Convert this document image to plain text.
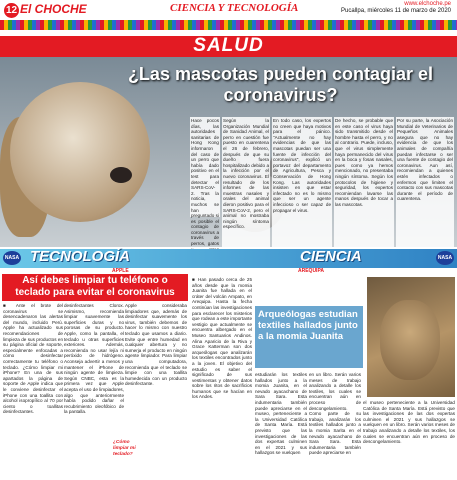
12 El CHOCHE	CIENCIA Y TECNOLOGÍA	www.elchoche.pe
Pucallpa, miércoles 11 de marzo de 2020
SALUD
¿Las mascotas pueden contagiar el coronavirus?
Hace pocos días, las autoridades sanitarias de Hong Kong informaron del caso de un perro que había dado positivo en el test para detectar el SARS-CoV-2. Tras la noticia, muchos se han preguntado si es posible el contagio de coronavirus a través de perros, gatos
Según la Organización Mundial de Sanidad Animal, el perro en cuestión fue puesto en cuarentena el 26 de febrero, después de que su dueño fuera hospitalizado debido a la infección por el nuevo coronavirus. El resultado de los informes de las muestras nasales y orales del animal dieron positivo para el SARS-CoV-2, pero el animal no mostraba ningún síntoma específico.
En todo caso, los expertos no creen que haya motivos para el pánico. "Actualmente no hay evidencias de que las mascotas puedan ser una fuente de infección del coronavirus", explicó un portavoz del departamento de Agricultura, Pesca y Conservación de Hong Kong. Las autoridades insisten en que estar infectado no es lo mismo que ser un agente infeccioso o ser capaz de propagar el virus.
De hecho, se probable que en este caso el virus haya sido transmitido desde el hombre hasta el perro, y no al contrario. Puede, incluso, que el virus simplemente haya permanecido del virus en la boca y fosas nasales, pues como ya hemos mencionado, no presentaba ningún síntoma. Según los protocolos de higiene y seguridad, los expertos recomiendan lavarse las manos después de tocar a las mascotas.
Por su parte, la Asociación Mundial de Veterinarios de Pequeños Animales asegura que no hay evidencia de que los animales de compañía puedan infectarse o ser una fuente de contagio del coronavirus. Aun así, recomiendan a quienes estén infectados o enfermos que limiten el contacto con sus mascotas durante el período de cuarentena.
NASA TECNOLOGÍA	CIENCIA	NASA
APPLE
Así debes limpiar tu teléfono o teclado para evitar el coronavirus
■ Ante el brote del coronavirus se desencadenaron las alertas del mundo, incluido Perú. Apple ha actualizado sus recomendaciones de limpieza de sus productos en su página oficial de soporte, especialmente enfocadas a cómo desinfectar correctamente tu teléfono o teclado. ¿Cómo limpiar mi iPhone? En una de sus apartados la página de soporte de Apple indica que le conviene desinfectar el iPhone con una toallita con alcohol isopropílico al 70 por ciento o toallitas desinfectantes.
desinfectantes Clorox. Asimismo, recomienda limpiar suavemente las superficies duras y no porosas de su producto. Apple, como la pantalla, el teclado u otras superficies exteriores. Además, recomienda no usar lejía ni peróxido de hidrógeno. Aconseja advertir a menos y mantener el iPhone de ningún agente de limpieza. Según CNBC, esta es la primera vez que Apple acepta el uso de limpiadores, algo que anteriormente había podido dañar el recubrimiento oleofóbico de la pantalla.
Apple consideraba limpiadores que, además de desinfectar suavemente los virus, también debemos de hacer lo mismo con nuestro teclado que usamos a diario. Evite que entre humedad en cualquier abertura y no sumerja el producto en ningún agente limpiador. Para limpiar una computadora, recomienda que el teclado se limpie con una toallita humedecida con un producto desinfectante.
¿Cómo limpiar mi teclado?
AREQUIPA
■ Han pasado cerca de 25 años desde que la momia Juanita fue hallada en el cráter del volcán Ampato, en Arequipa. Hasta la fecha continúan las investigaciones para esclarecer los misterios que rodean a este importante vestigio que actualmente se encuentra albergado en el Museo Santuarios Andinos. Alina Aparicio de la Riva y Grace Katterman son dos arqueólogas que analizarán los textiles encontrados junto a la joven. El objetivo del estudio es saber el significado de sus vestimentas y obtener datos sobre los ritos de sacrificios humanos que se hacían en los Andes.
Arqueólogas estudian textiles hallados junto a la momia Juanita
estudiarán los textiles hallados junto a la momia Juanita, en el nevado ayacachano de Sara Sara. Esta indumentaria también puede apreciarse en el museo, perteneciente a la Universidad Católica de Santa María. Está previsto que las investigaciones de las dos expertas culminen en el 2021 y sus hallazgos se vuelquen
en un libro. Serán varios meses de trabajo analizando a detalle los textiles, los cuales se encuentran aún en proceso de descongelamiento. Como parte de su trabajo, analizarán los textiles hallados junto a la momia Sarita en el nevado ayacachano de Sara Sara. Esta indumentaria también puede apreciarse en
el museo perteneciente a la Universidad Católica de Santa María. Está previsto que las investigaciones de las dos expertas culminen el 2021 y sus hallazgos se vuelquen en un libro. Serán varios meses de trabajo analizando a detalle los textiles, los cuales se encuentran aún en proceso de descongelamiento.
